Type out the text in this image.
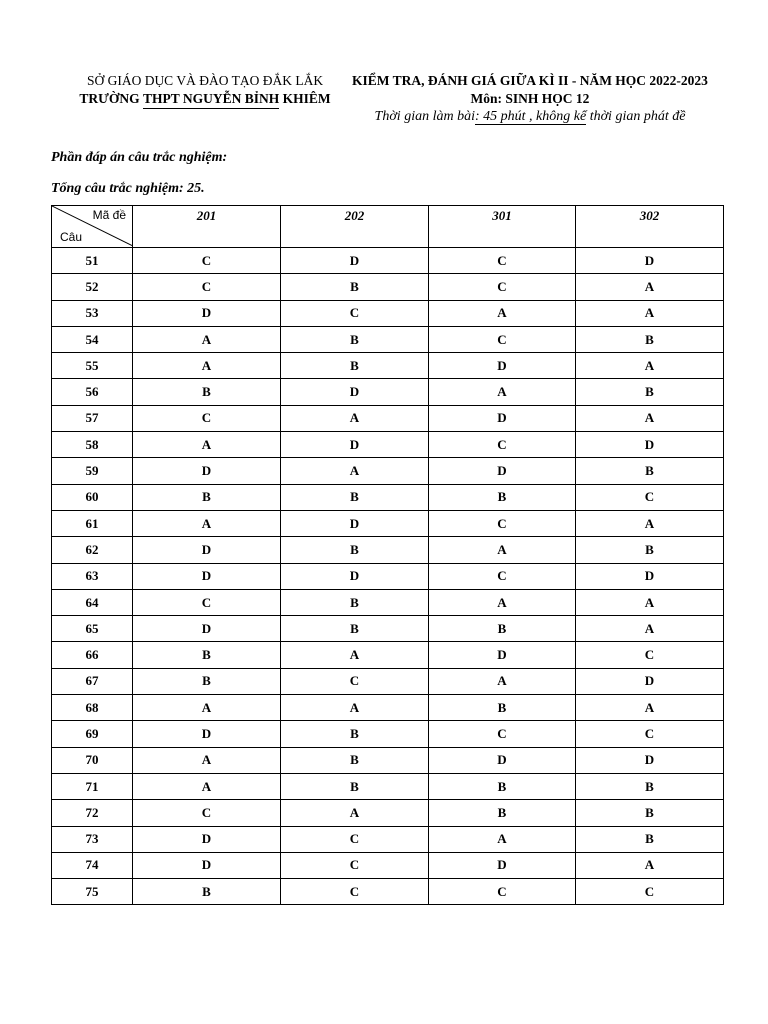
SỞ GIÁO DỤC VÀ ĐÀO TẠO ĐẮK LẮK
TRƯỜNG THPT NGUYỄN BỈNH KHIÊM
KIỂM TRA, ĐÁNH GIÁ GIỮA KÌ II - NĂM HỌC 2022-2023
Môn: SINH HỌC 12
Thời gian làm bài: 45 phút , không kể thời gian phát đề
Phần đáp án câu trắc nghiệm:
Tổng câu trắc nghiệm: 25.
Mã đề
Câu	201	202	301	302
51	C	D	C	D
52	C	B	C	A
53	D	C	A	A
54	A	B	C	B
55	A	B	D	A
56	B	D	A	B
57	C	A	D	A
58	A	D	C	D
59	D	A	D	B
60	B	B	B	C
61	A	D	C	A
62	D	B	A	B
63	D	D	C	D
64	C	B	A	A
65	D	B	B	A
66	B	A	D	C
67	B	C	A	D
68	A	A	B	A
69	D	B	C	C
70	A	B	D	D
71	A	B	B	B
72	C	A	B	B
73	D	C	A	B
74	D	C	D	A
75	B	C	C	C
